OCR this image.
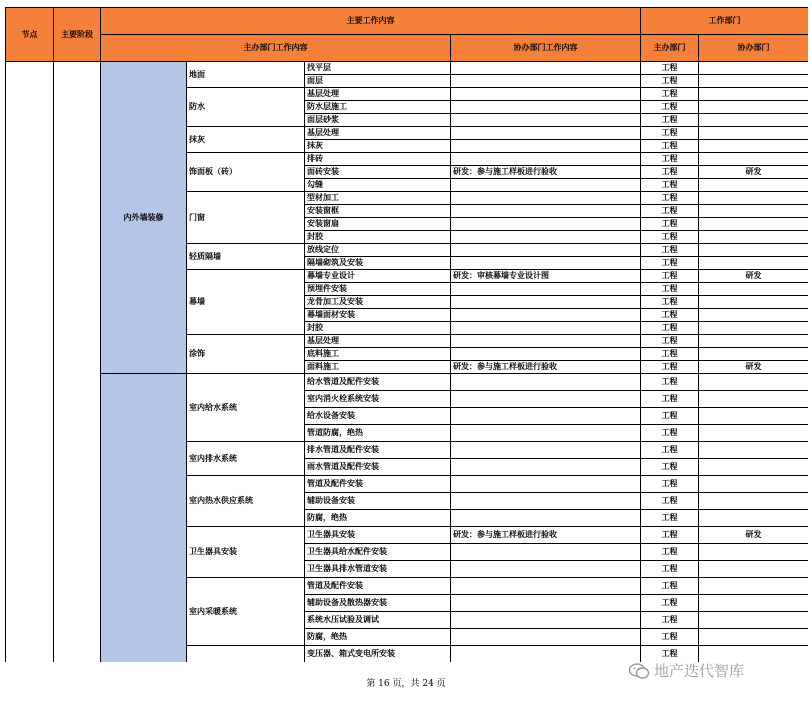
节点	主要阶段	主要工作内容				工作部门	
		主办部门工作内容			协办部门工作内容	主办部门	协办部门
		内外墙装修	地面	找平层		工程	
				面层		工程	
			防水	基层处理		工程	
				防水层施工		工程	
				面层砂浆		工程	
			抹灰	基层处理		工程	
				抹灰		工程	
			饰面板（砖）	排砖		工程	
				面砖安装	研发：参与施工样板进行验收	工程	研发
				勾缝		工程	
			门窗	型材加工		工程	
				安装窗框		工程	
				安装窗扇		工程	
				封胶		工程	
			轻质隔墙	放线定位		工程	
				隔墙砌筑及安装		工程	
			幕墙	幕墙专业设计	研发：审核幕墙专业设计图	工程	研发
				预埋件安装		工程	
				龙骨加工及安装		工程	
				幕墙面材安装		工程	
				封胶		工程	
			涂饰	基层处理		工程	
				底料施工		工程	
				面料施工	研发：参与施工样板进行验收	工程	研发
			室内给水系统	给水管道及配件安装		工程	
				室内消火栓系统安装		工程	
				给水设备安装		工程	
				管道防腐，绝热		工程	
			室内排水系统	排水管道及配件安装		工程	
				雨水管道及配件安装		工程	
			室内热水供应系统	管道及配件安装		工程	
				辅助设备安装		工程	
				防腐，绝热		工程	
			卫生器具安装	卫生器具安装	研发：参与施工样板进行验收	工程	研发
				卫生器具给水配件安装		工程	
				卫生器具排水管道安装		工程	
			室内采暖系统	管道及配件安装		工程	
				辅助设备及散热器安装		工程	
				系统水压试验及调试		工程	
				防腐，绝热		工程	
				变压器、箱式变电所安装		工程	
第 16 页，共 24 页
地产迭代智库
